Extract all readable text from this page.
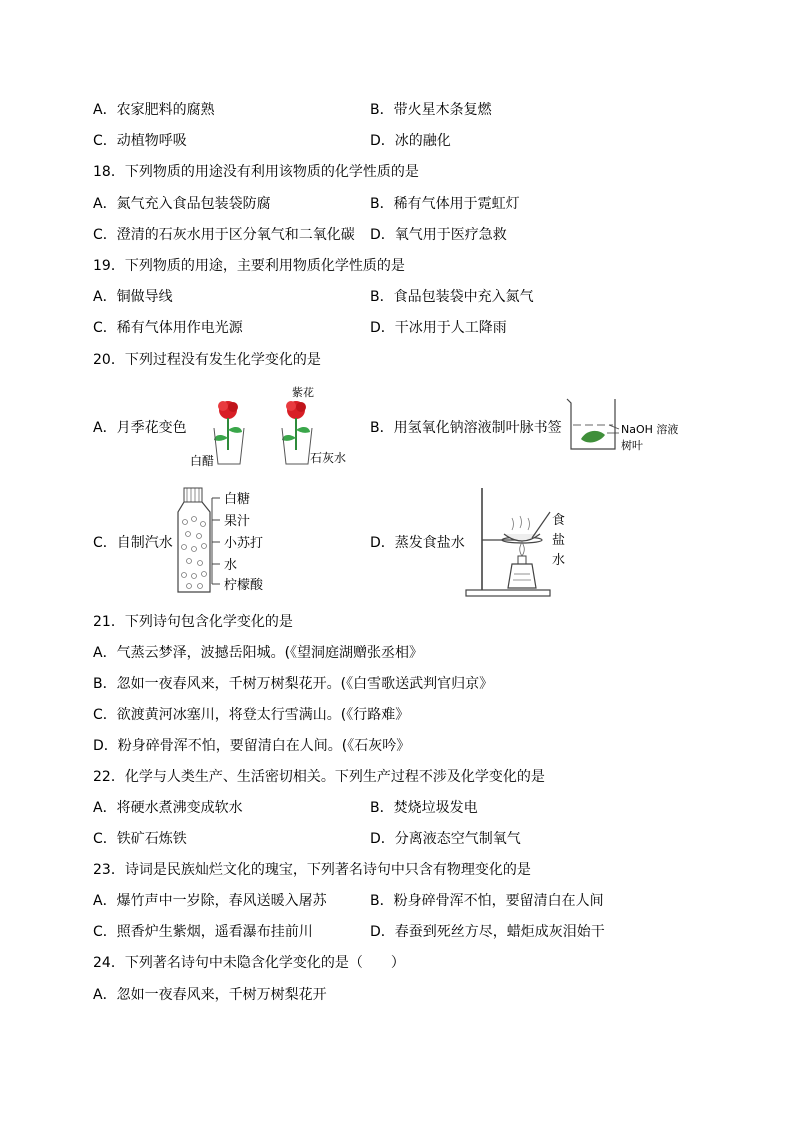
A．农家肥料的腐熟	B．带火星木条复燃
C．动植物呼吸	D．冰的融化
18．下列物质的用途没有利用该物质的化学性质的是
A．氮气充入食品包装袋防腐	B．稀有气体用于霓虹灯
C．澄清的石灰水用于区分氧气和二氧化碳 D．氧气用于医疗急救
19．下列物质的用途，主要利用物质化学性质的是
A．铜做导线	B．食品包装袋中充入氮气
C．稀有气体用作电光源	D．干冰用于人工降雨
20．下列过程没有发生化学变化的是
A．月季花变色	B．用氢氧化钠溶液制叶脉书签
C．自制汽水	D．蒸发食盐水
紫花
白醋	石灰水
NaOH 溶液
树叶
白糖
果汁
小苏打
水
柠檬酸
食
盐
水
21．下列诗句包含化学变化的是
A．气蒸云梦泽，波撼岳阳城。(《望洞庭湖赠张丞相》
B．忽如一夜春风来，千树万树梨花开。(《白雪歌送武判官归京》
C．欲渡黄河冰塞川，将登太行雪满山。(《行路难》
D．粉身碎骨浑不怕，要留清白在人间。(《石灰吟》
22．化学与人类生产、生活密切相关。下列生产过程不涉及化学变化的是
A．将硬水煮沸变成软水	B．焚烧垃圾发电
C．铁矿石炼铁	D．分离液态空气制氧气
23．诗词是民族灿烂文化的瑰宝，下列著名诗句中只含有物理变化的是
A．爆竹声中一岁除，春风送暖入屠苏	B．粉身碎骨浑不怕，要留清白在人间
C．照香炉生紫烟，遥看瀑布挂前川	D．春蚕到死丝方尽，蜡炬成灰泪始干
24．下列著名诗句中未隐含化学变化的是（　　）
A．忽如一夜春风来，千树万树梨花开
